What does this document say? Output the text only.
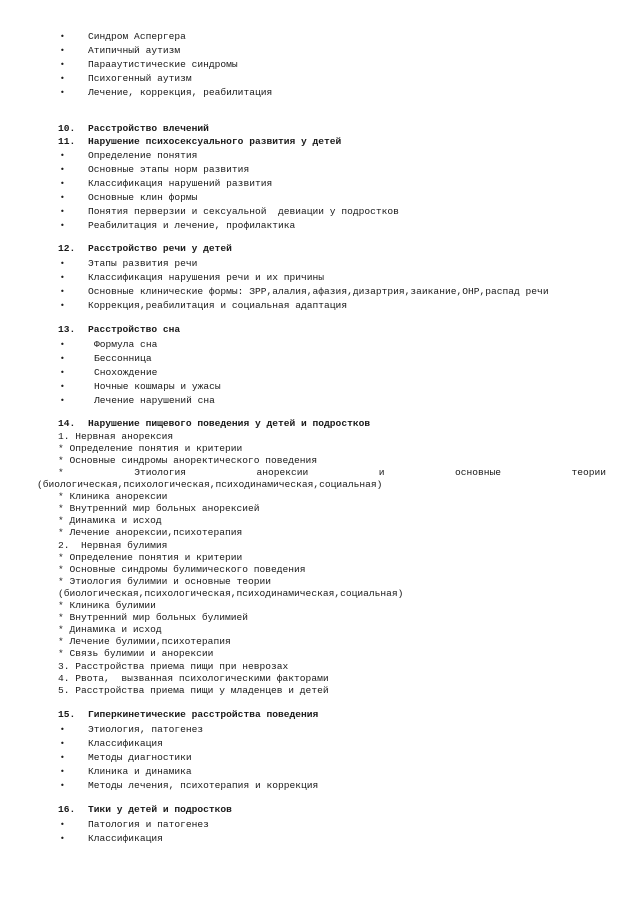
• Синдром Аспергера
• Атипичный аутизм
• Парааутистические синдромы
• Психогенный аутизм
• Лечение, коррекция, реабилитация
10. Расстройство влечений
11. Нарушение психосексуального развития у детей
• Определение понятия
• Основные этапы норм развития
• Классификация нарушений развития
• Основные клин формы
• Понятия перверзии и сексуальной  девиации у подростков
• Реабилитация и лечение, профилактика
12. Расстройство речи у детей
• Этапы развития речи
• Классификация нарушения речи и их причины
• Основные клинические формы: ЗРР,алалия,афазия,дизартрия,заикание,ОНР,распад речи
• Коррекция,реабилитация и социальная адаптация
13. Расстройство сна
•	Формула сна
•	Бессонница
•	Снохождение
•	Ночные кошмары и ужасы
•	Лечение нарушений сна
14. Нарушение пищевого поведения у детей и подростков
1. Нервная анорексия
* Определение понятия и критерии
* Основные синдромы аноректического поведения
*	Этиология	анорексии	и	основные	теории
(биологическая,психологическая,психодинамическая,социальная)
* Клиника анорексии
* Внутренний мир больных анорексией
* Динамика и исход
* Лечение анорексии,психотерапия
2.  Нервная булимия
* Определение понятия и критерии
* Основные синдромы булимического поведения
* Этиология булимии и основные теории
(биологическая,психологическая,психодинамическая,социальная)
* Клиника булимии
* Внутренний мир больных булимией
* Динамика и исход
* Лечение булимии,психотерапия
* Связь булимии и анорексии
3. Расстройства приема пищи при неврозах
4. Рвота,  вызванная психологическими факторами
5. Расстройства приема пищи у младенцев и детей
15. Гиперкинетические расстройства поведения
• Этиология, патогенез
• Классификация
• Методы диагностики
• Клиника и динамика
• Методы лечения, психотерапия и коррекция
16. Тики у детей и подростков
• Патология и патогенез
• Классификация
